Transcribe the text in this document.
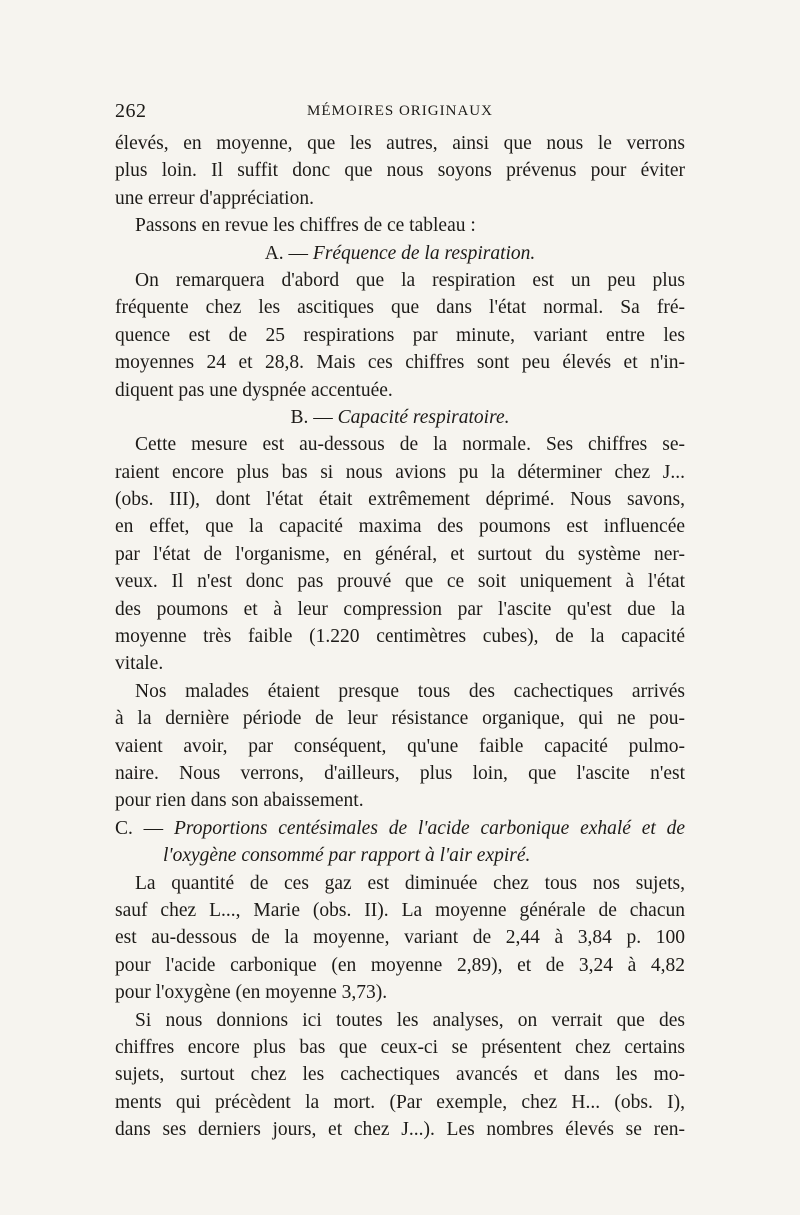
262	MÉMOIRES ORIGINAUX
élevés, en moyenne, que les autres, ainsi que nous le verrons
plus loin. Il suffit donc que nous soyons prévenus pour éviter
une erreur d'appréciation.
Passons en revue les chiffres de ce tableau :
A. — Fréquence de la respiration.
On remarquera d'abord que la respiration est un peu plus
fréquente chez les ascitiques que dans l'état normal. Sa fré-
quence est de 25 respirations par minute, variant entre les
moyennes 24 et 28,8. Mais ces chiffres sont peu élevés et n'in-
diquent pas une dyspnée accentuée.
B. — Capacité respiratoire.
Cette mesure est au-dessous de la normale. Ses chiffres se-
raient encore plus bas si nous avions pu la déterminer chez J...
(obs. III), dont l'état était extrêmement déprimé. Nous savons,
en effet, que la capacité maxima des poumons est influencée
par l'état de l'organisme, en général, et surtout du système ner-
veux. Il n'est donc pas prouvé que ce soit uniquement à l'état
des poumons et à leur compression par l'ascite qu'est due la
moyenne très faible (1.220 centimètres cubes), de la capacité
vitale.
Nos malades étaient presque tous des cachectiques arrivés
à la dernière période de leur résistance organique, qui ne pou-
vaient avoir, par conséquent, qu'une faible capacité pulmo-
naire. Nous verrons, d'ailleurs, plus loin, que l'ascite n'est
pour rien dans son abaissement.
C. — Proportions centésimales de l'acide carbonique exhalé et de
l'oxygène consommé par rapport à l'air expiré.
La quantité de ces gaz est diminuée chez tous nos sujets,
sauf chez L..., Marie (obs. II). La moyenne générale de chacun
est au-dessous de la moyenne, variant de 2,44 à 3,84 p. 100
pour l'acide carbonique (en moyenne 2,89), et de 3,24 à 4,82
pour l'oxygène (en moyenne 3,73).
Si nous donnions ici toutes les analyses, on verrait que des
chiffres encore plus bas que ceux-ci se présentent chez certains
sujets, surtout chez les cachectiques avancés et dans les mo-
ments qui précèdent la mort. (Par exemple, chez H... (obs. I),
dans ses derniers jours, et chez J...). Les nombres élevés se ren-
